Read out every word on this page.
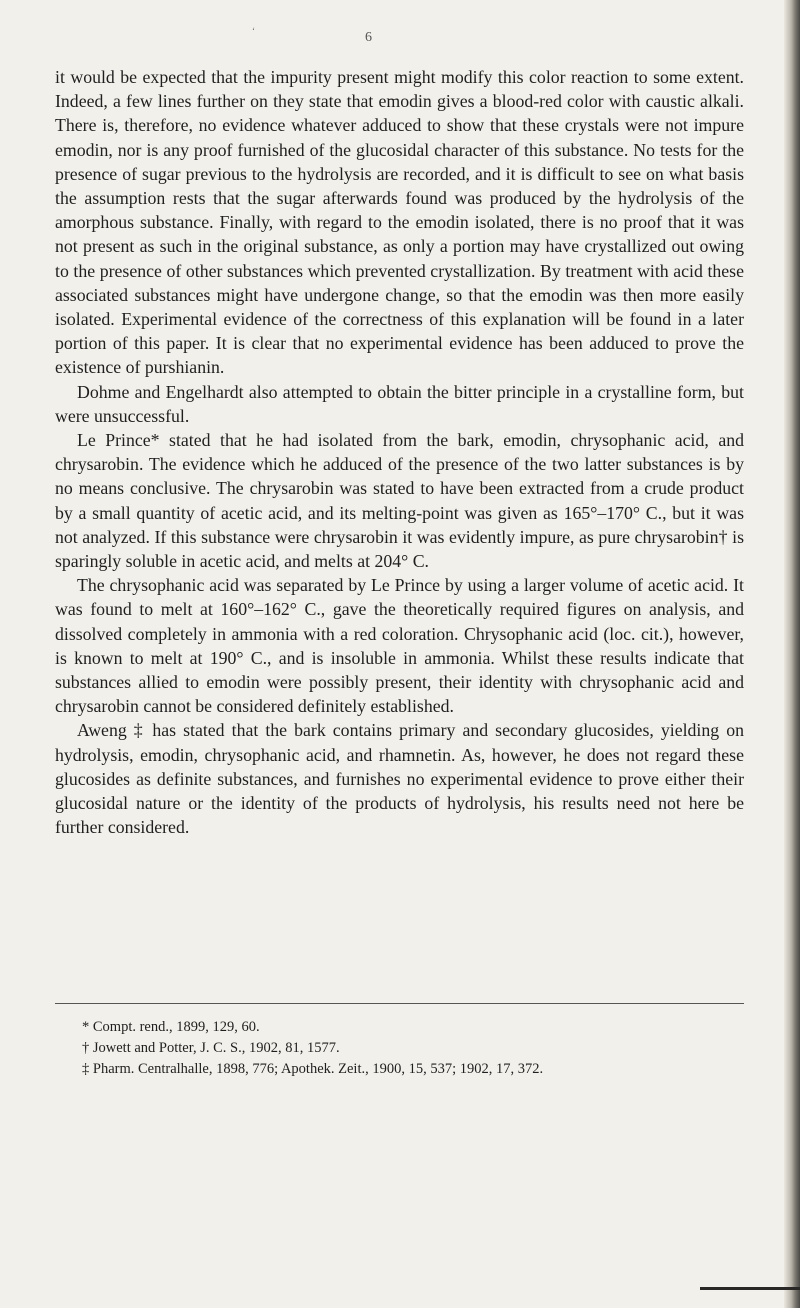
‘	6

it would be expected that the impurity present might modify this color reaction to some extent. Indeed, a few lines further on they state that emodin gives a blood-red color with caustic alkali. There is, therefore, no evidence whatever adduced to show that these crystals were not impure emodin, nor is any proof furnished of the glucosidal character of this substance. No tests for the presence of sugar previous to the hydrolysis are recorded, and it is difficult to see on what basis the assumption rests that the sugar afterwards found was produced by the hydrolysis of the amorphous substance. Finally, with regard to the emodin isolated, there is no proof that it was not present as such in the original substance, as only a portion may have crystallized out owing to the presence of other substances which prevented crystallization. By treatment with acid these associated substances might have undergone change, so that the emodin was then more easily isolated. Experimental evidence of the correctness of this explanation will be found in a later portion of this paper. It is clear that no experimental evidence has been adduced to prove the existence of purshianin.

Dohme and Engelhardt also attempted to obtain the bitter principle in a crystalline form, but were unsuccessful.

Le Prince* stated that he had isolated from the bark, emodin, chrysophanic acid, and chrysarobin. The evidence which he adduced of the presence of the two latter substances is by no means conclusive. The chrysarobin was stated to have been extracted from a crude product by a small quantity of acetic acid, and its melting-point was given as 165°–170° C., but it was not analyzed. If this substance were chrysarobin it was evidently impure, as pure chrysarobin† is sparingly soluble in acetic acid, and melts at 204° C.

The chrysophanic acid was separated by Le Prince by using a larger volume of acetic acid. It was found to melt at 160°–162° C., gave the theoretically required figures on analysis, and dissolved completely in ammonia with a red coloration. Chrysophanic acid (loc. cit.), however, is known to melt at 190° C., and is insoluble in ammonia. Whilst these results indicate that substances allied to emodin were possibly present, their identity with chrysophanic acid and chrysarobin cannot be considered definitely established.

Aweng ‡ has stated that the bark contains primary and secondary glucosides, yielding on hydrolysis, emodin, chrysophanic acid, and rhamnetin. As, however, he does not regard these glucosides as definite substances, and furnishes no experimental evidence to prove either their glucosidal nature or the identity of the products of hydrolysis, his results need not here be further considered.

* Compt. rend., 1899, 129, 60.
† Jowett and Potter, J. C. S., 1902, 81, 1577.
‡ Pharm. Centralhalle, 1898, 776; Apothek. Zeit., 1900, 15, 537; 1902, 17, 372.
